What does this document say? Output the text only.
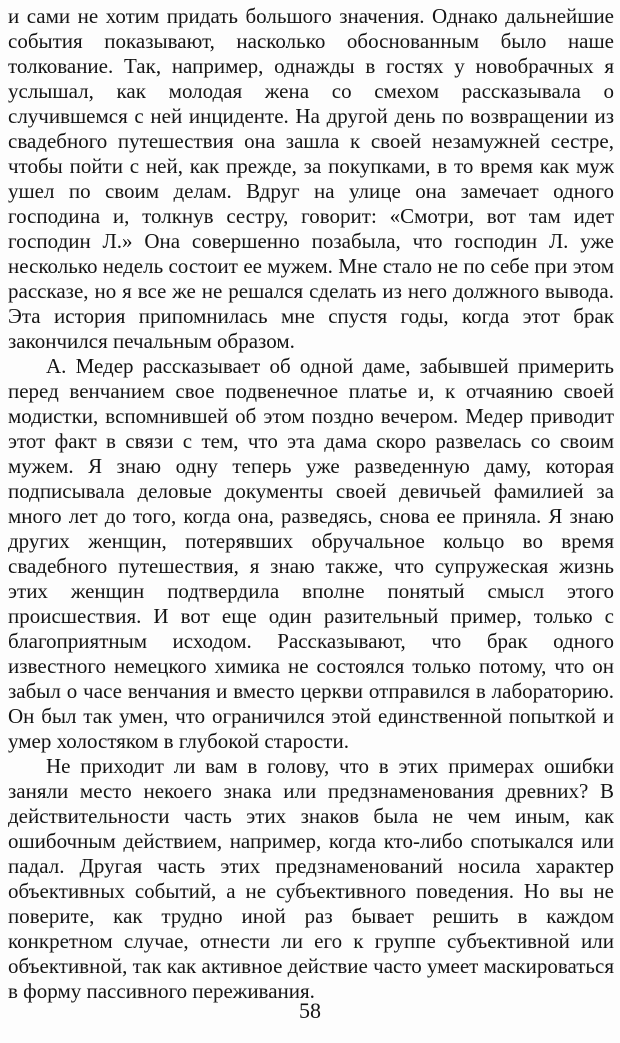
и сами не хотим придать большого значения. Однако дальнейшие события показывают, насколько обоснованным было наше толкование. Так, например, однажды в гостях у новобрачных я услышал, как молодая жена со смехом рассказывала о случившемся с ней инциденте. На другой день по возвращении из свадебного путешествия она зашла к своей незамужней сестре, чтобы пойти с ней, как прежде, за покупками, в то время как муж ушел по своим делам. Вдруг на улице она замечает одного господина и, толкнув сестру, говорит: «Смотри, вот там идет господин Л.» Она совершенно позабыла, что господин Л. уже несколько недель состоит ее мужем. Мне стало не по себе при этом рассказе, но я все же не решался сделать из него должного вывода. Эта история припомнилась мне спустя годы, когда этот брак закончился печальным образом.

А. Медер рассказывает об одной даме, забывшей примерить перед венчанием свое подвенечное платье и, к отчаянию своей модистки, вспомнившей об этом поздно вечером. Медер приводит этот факт в связи с тем, что эта дама скоро развелась со своим мужем. Я знаю одну теперь уже разведенную даму, которая подписывала деловые документы своей девичьей фамилией за много лет до того, когда она, разведясь, снова ее приняла. Я знаю других женщин, потерявших обручальное кольцо во время свадебного путешествия, я знаю также, что супружеская жизнь этих женщин подтвердила вполне понятый смысл этого происшествия. И вот еще один разительный пример, только с благоприятным исходом. Рассказывают, что брак одного известного немецкого химика не состоялся только потому, что он забыл о часе венчания и вместо церкви отправился в лабораторию. Он был так умен, что ограничился этой единственной попыткой и умер холостяком в глубокой старости.

Не приходит ли вам в голову, что в этих примерах ошибки заняли место некоего знака или предзнаменования древних? В действительности часть этих знаков была не чем иным, как ошибочным действием, например, когда кто-либо спотыкался или падал. Другая часть этих предзнаменований носила характер объективных событий, а не субъективного поведения. Но вы не поверите, как трудно иной раз бывает решить в каждом конкретном случае, отнести ли его к группе субъективной или объективной, так как активное действие часто умеет маскироваться в форму пассивного переживания.

58
